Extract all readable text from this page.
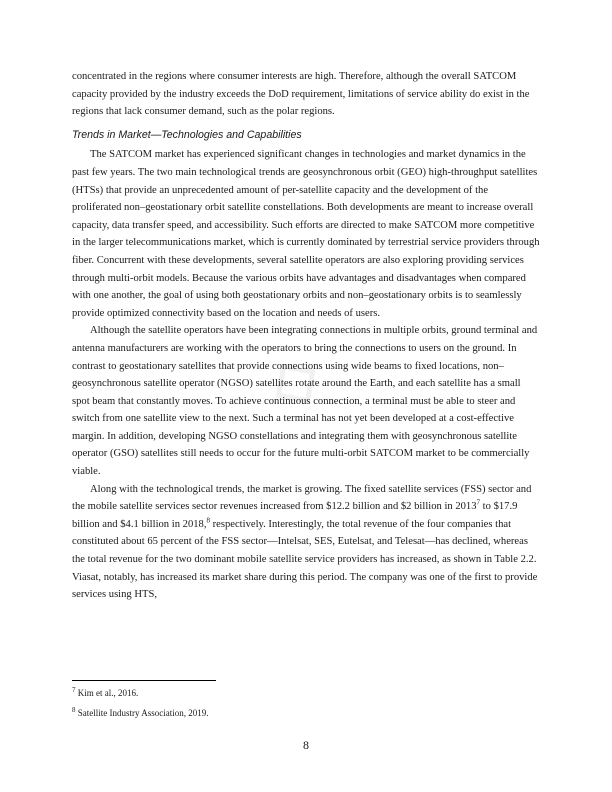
◇

concentrated in the regions where consumer interests are high. Therefore, although the overall SATCOM capacity provided by the industry exceeds the DoD requirement, limitations of service ability do exist in the regions that lack consumer demand, such as the polar regions.

Trends in Market—Technologies and Capabilities

The SATCOM market has experienced significant changes in technologies and market dynamics in the past few years. The two main technological trends are geosynchronous orbit (GEO) high-throughput satellites (HTSs) that provide an unprecedented amount of per-satellite capacity and the development of the proliferated non–geostationary orbit satellite constellations. Both developments are meant to increase overall capacity, data transfer speed, and accessibility. Such efforts are directed to make SATCOM more competitive in the larger telecommunications market, which is currently dominated by terrestrial service providers through fiber. Concurrent with these developments, several satellite operators are also exploring providing services through multi-orbit models. Because the various orbits have advantages and disadvantages when compared with one another, the goal of using both geostationary orbits and non–geostationary orbits is to seamlessly provide optimized connectivity based on the location and needs of users.

Although the satellite operators have been integrating connections in multiple orbits, ground terminal and antenna manufacturers are working with the operators to bring the connections to users on the ground. In contrast to geostationary satellites that provide connections using wide beams to fixed locations, non–geosynchronous satellite operator (NGSO) satellites rotate around the Earth, and each satellite has a small spot beam that constantly moves. To achieve continuous connection, a terminal must be able to steer and switch from one satellite view to the next. Such a terminal has not yet been developed at a cost-effective margin. In addition, developing NGSO constellations and integrating them with geosynchronous satellite operator (GSO) satellites still needs to occur for the future multi-orbit SATCOM market to be commercially viable.

Along with the technological trends, the market is growing. The fixed satellite services (FSS) sector and the mobile satellite services sector revenues increased from $12.2 billion and $2 billion in 2013$^7$ to $17.9 billion and $4.1 billion in 2018,$^8$ respectively. Interestingly, the total revenue of the four companies that constituted about 65 percent of the FSS sector—Intelsat, SES, Eutelsat, and Telesat—has declined, whereas the total revenue for the two dominant mobile satellite service providers has increased, as shown in Table 2.2. Viasat, notably, has increased its market share during this period. The company was one of the first to provide services using HTS,

$^7$ Kim et al., 2016.

$^8$ Satellite Industry Association, 2019.

8
